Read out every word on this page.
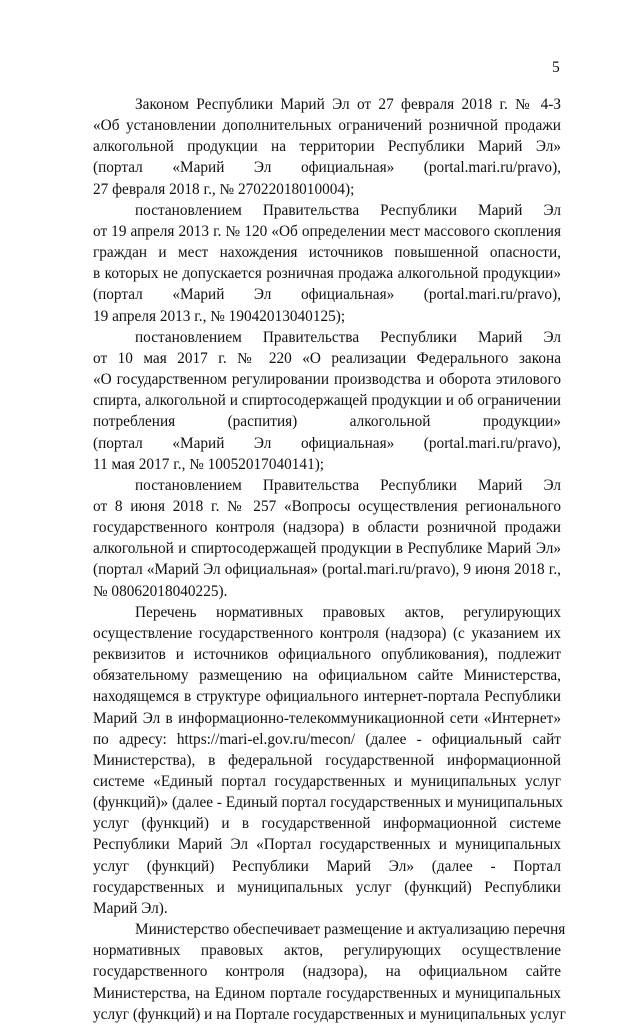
5

Законом Республики Марий Эл от 27 февраля 2018 г. № 4-З
«Об установлении дополнительных ограничений розничной продажи
алкогольной продукции на территории Республики Марий Эл»
(портал «Марий Эл официальная» (portal.mari.ru/pravo),
27 февраля 2018 г., № 27022018010004);

постановлением Правительства Республики Марий Эл
от 19 апреля 2013 г. № 120 «Об определении мест массового скопления
граждан и мест нахождения источников повышенной опасности,
в которых не допускается розничная продажа алкогольной продукции»
(портал «Марий Эл официальная» (portal.mari.ru/pravo),
19 апреля 2013 г., № 19042013040125);

постановлением Правительства Республики Марий Эл
от 10 мая 2017 г. № 220 «О реализации Федерального закона
«О государственном регулировании производства и оборота этилового
спирта, алкогольной и спиртосодержащей продукции и об ограничении
потребления (распития) алкогольной продукции»
(портал «Марий Эл официальная» (portal.mari.ru/pravo),
11 мая 2017 г., № 10052017040141);

постановлением Правительства Республики Марий Эл
от 8 июня 2018 г. № 257 «Вопросы осуществления регионального
государственного контроля (надзора) в области розничной продажи
алкогольной и спиртосодержащей продукции в Республике Марий Эл»
(портал «Марий Эл официальная» (portal.mari.ru/pravo), 9 июня 2018 г.,
№ 08062018040225).

Перечень нормативных правовых актов, регулирующих
осуществление государственного контроля (надзора) (с указанием их
реквизитов и источников официального опубликования), подлежит
обязательному размещению на официальном сайте Министерства,
находящемся в структуре официального интернет-портала Республики
Марий Эл в информационно-телекоммуникационной сети «Интернет»
по адресу: https://mari-el.gov.ru/mecon/ (далее - официальный сайт
Министерства), в федеральной государственной информационной
системе «Единый портал государственных и муниципальных услуг
(функций)» (далее - Единый портал государственных и муниципальных
услуг (функций) и в государственной информационной системе
Республики Марий Эл «Портал государственных и муниципальных
услуг (функций) Республики Марий Эл» (далее - Портал
государственных и муниципальных услуг (функций) Республики
Марий Эл).

Министерство обеспечивает размещение и актуализацию перечня
нормативных правовых актов, регулирующих осуществление
государственного контроля (надзора), на официальном сайте
Министерства, на Едином портале государственных и муниципальных
услуг (функций) и на Портале государственных и муниципальных услуг
